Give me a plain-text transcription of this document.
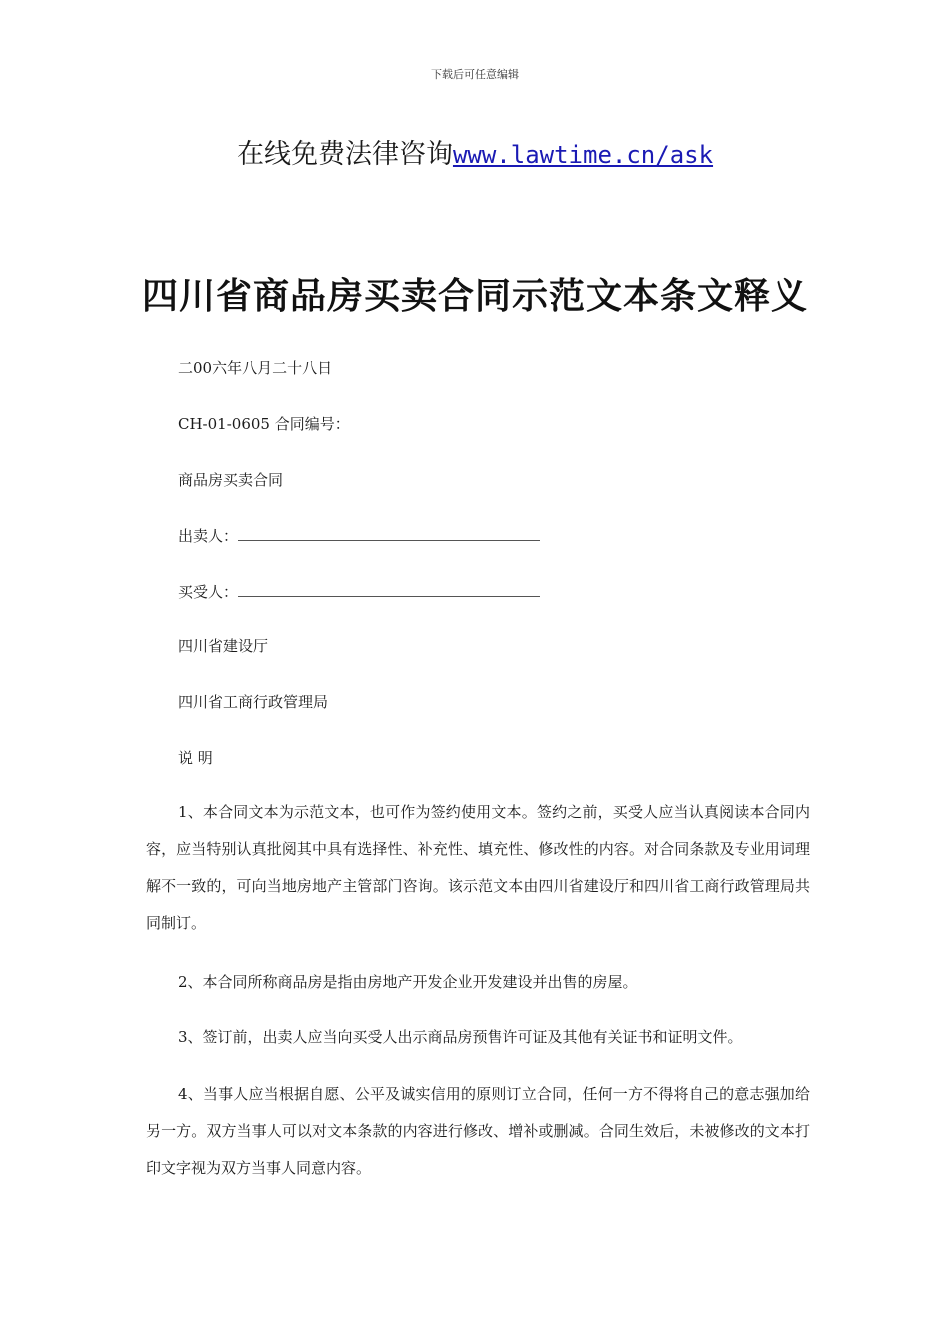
下载后可任意编辑
在线免费法律咨询www.lawtime.cn/ask
四川省商品房买卖合同示范文本条文释义
二00六年八月二十八日
CH-01-0605 合同编号：
商品房买卖合同
出卖人：
买受人：
四川省建设厅
四川省工商行政管理局
说 明

1、本合同文本为示范文本，也可作为签约使用文本。签约之前，买受人应当认真阅读本合同内容，应当特别认真批阅其中具有选择性、补充性、填充性、修改性的内容。对合同条款及专业用词理解不一致的，可向当地房地产主管部门咨询。该示范文本由四川省建设厅和四川省工商行政管理局共同制订。

2、本合同所称商品房是指由房地产开发企业开发建设并出售的房屋。

3、签订前，出卖人应当向买受人出示商品房预售许可证及其他有关证书和证明文件。

4、当事人应当根据自愿、公平及诚实信用的原则订立合同，任何一方不得将自己的意志强加给另一方。双方当事人可以对文本条款的内容进行修改、增补或删减。合同生效后，未被修改的文本打印文字视为双方当事人同意内容。
